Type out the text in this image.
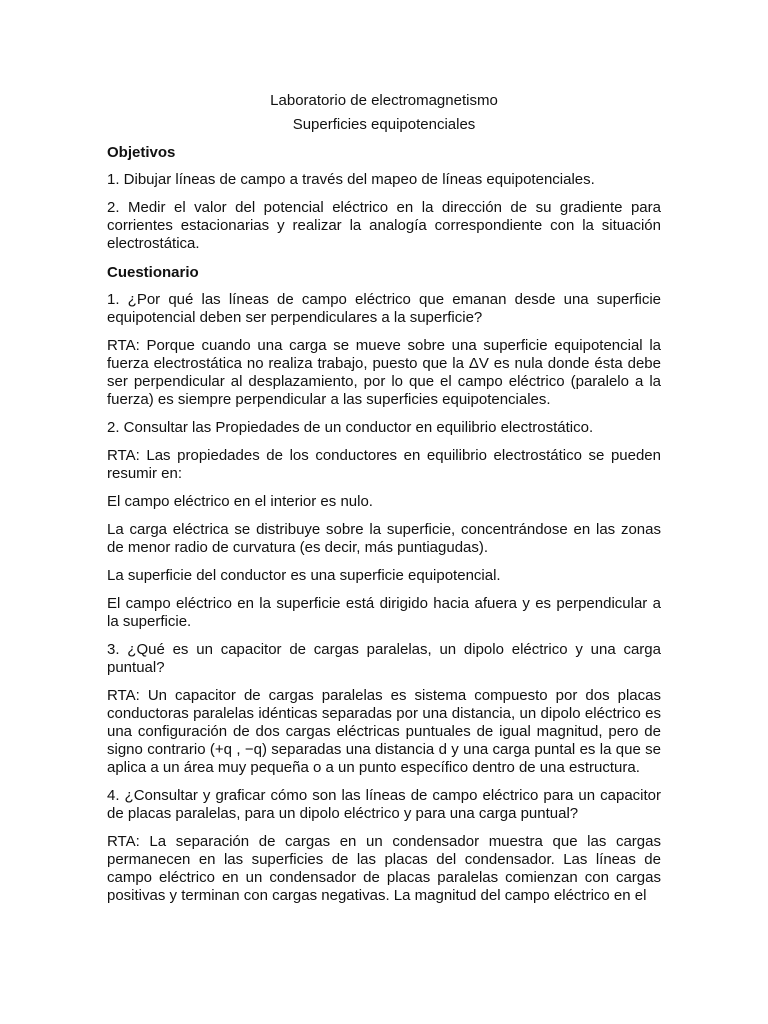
Laboratorio de electromagnetismo

Superficies equipotenciales

Objetivos

1. Dibujar líneas de campo a través del mapeo de líneas equipotenciales.

2. Medir el valor del potencial eléctrico en la dirección de su gradiente para corrientes estacionarias y realizar la analogía correspondiente con la situación electrostática.

Cuestionario

1. ¿Por qué las líneas de campo eléctrico que emanan desde una superficie equipotencial deben ser perpendiculares a la superficie?

RTA: Porque cuando una carga se mueve sobre una superficie equipotencial la fuerza electrostática no realiza trabajo, puesto que la ΔV es nula donde ésta debe ser perpendicular al desplazamiento, por lo que el campo eléctrico (paralelo a la fuerza) es siempre perpendicular a las superficies equipotenciales.

2. Consultar las Propiedades de un conductor en equilibrio electrostático.

RTA: Las propiedades de los conductores en equilibrio electrostático se pueden resumir en:

El campo eléctrico en el interior es nulo.

La carga eléctrica se distribuye sobre la superficie, concentrándose en las zonas de menor radio de curvatura (es decir, más puntiagudas).

La superficie del conductor es una superficie equipotencial.

El campo eléctrico en la superficie está dirigido hacia afuera y es perpendicular a la superficie.

3. ¿Qué es un capacitor de cargas paralelas, un dipolo eléctrico y una carga puntual?

RTA: Un capacitor de cargas paralelas es sistema compuesto por dos placas conductoras paralelas idénticas separadas por una distancia, un dipolo eléctrico es una configuración de dos cargas eléctricas puntuales de igual magnitud, pero de signo contrario (+q , −q) separadas una distancia d y una carga puntal es la que se aplica a un área muy pequeña o a un punto específico dentro de una estructura.

4. ¿Consultar y graficar cómo son las líneas de campo eléctrico para un capacitor de placas paralelas, para un dipolo eléctrico y para una carga puntual?

RTA: La separación de cargas en un condensador muestra que las cargas permanecen en las superficies de las placas del condensador. Las líneas de campo eléctrico en un condensador de placas paralelas comienzan con cargas positivas y terminan con cargas negativas. La magnitud del campo eléctrico en el
